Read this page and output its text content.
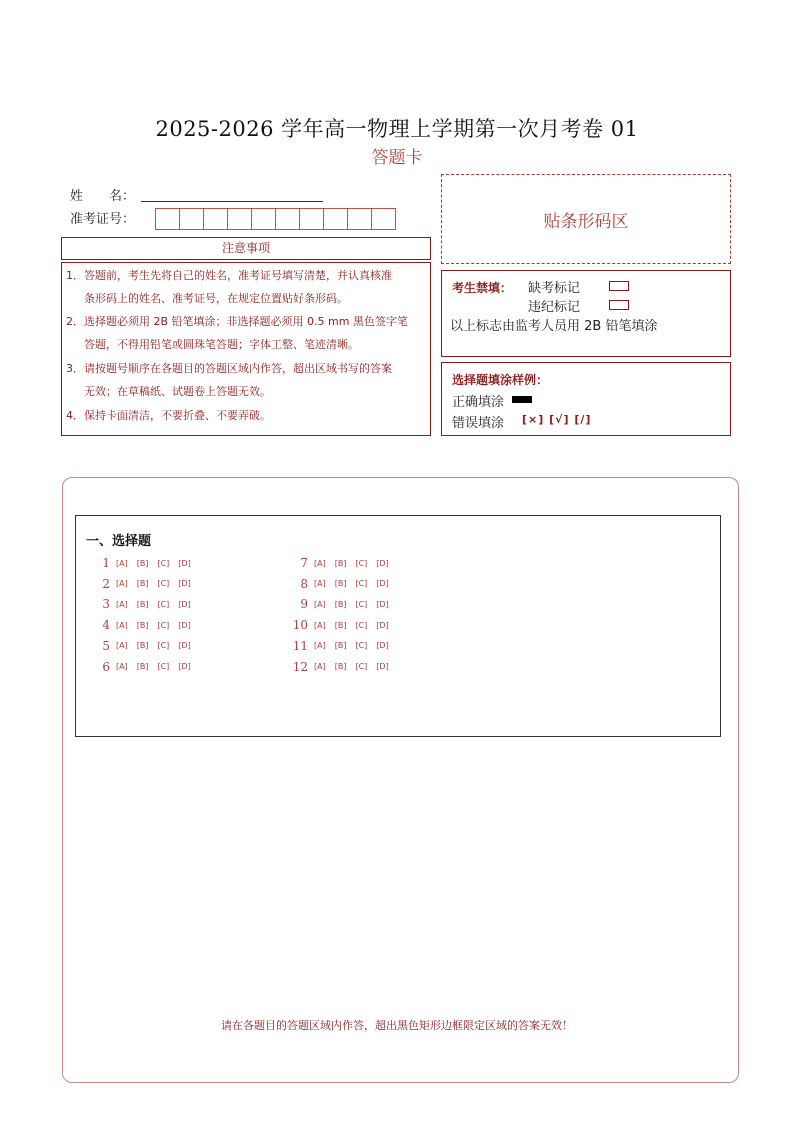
2025-2026 学年高一物理上学期第一次月考卷 01
答题卡
姓　　名：
准考证号：	贴条形码区
注意事项
1．答题前，考生先将自己的姓名，准考证号填写清楚，并认真核准
条形码上的姓名、准考证号，在规定位置贴好条形码。
2．选择题必须用 2B 铅笔填涂；非选择题必须用 0.5 mm 黑色签字笔
答题，不得用铅笔或圆珠笔答题；字体工整、笔迹清晰。
3．请按题号顺序在各题目的答题区域内作答，超出区域书写的答案
无效；在草稿纸、试题卷上答题无效。
4．保持卡面清洁，不要折叠、不要弄破。
考生禁填： 缺考标记
违纪标记
以上标志由监考人员用 2B 铅笔填涂
选择题填涂样例：
正确填涂
错误填涂 [×] [√] [/]
一、选择题
1 [A] [B] [C] [D]
2 [A] [B] [C] [D]
3 [A] [B] [C] [D]
4 [A] [B] [C] [D]
5 [A] [B] [C] [D]
6 [A] [B] [C] [D]
7 [A] [B] [C] [D]
8 [A] [B] [C] [D]
9 [A] [B] [C] [D]
10 [A] [B] [C] [D]
11 [A] [B] [C] [D]
12 [A] [B] [C] [D]
请在各题目的答题区域内作答，超出黑色矩形边框限定区域的答案无效！
